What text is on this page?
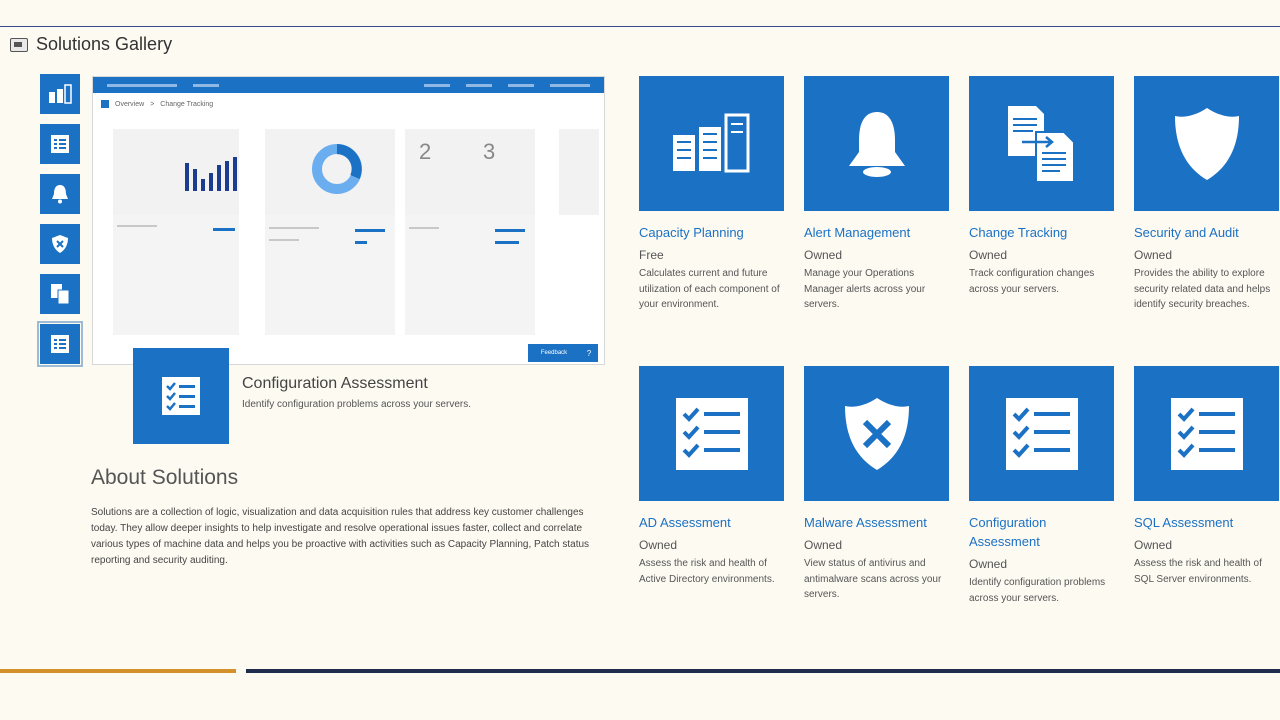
Solutions Gallery
Overview > Change Tracking
2 3
Feedback	?
Configuration Assessment
Identify configuration problems across your servers.
About Solutions
Solutions are a collection of logic, visualization and data acquisition rules that address key customer challenges today. They allow deeper insights to help investigate and resolve operational issues faster, collect and correlate various types of machine data and helps you be proactive with activities such as Capacity Planning, Patch status reporting and security auditing.
Capacity Planning
Free
Calculates current and future utilization of each component of your environment.
Alert Management
Owned
Manage your Operations Manager alerts across your servers.
Change Tracking
Owned
Track configuration changes across your servers.
Security and Audit
Owned
Provides the ability to explore security related data and helps identify security breaches.
AD Assessment
Owned
Assess the risk and health of Active Directory environments.
Malware Assessment
Owned
View status of antivirus and antimalware scans across your servers.
Configuration Assessment
Owned
Identify configuration problems across your servers.
SQL Assessment
Owned
Assess the risk and health of SQL Server environments.
